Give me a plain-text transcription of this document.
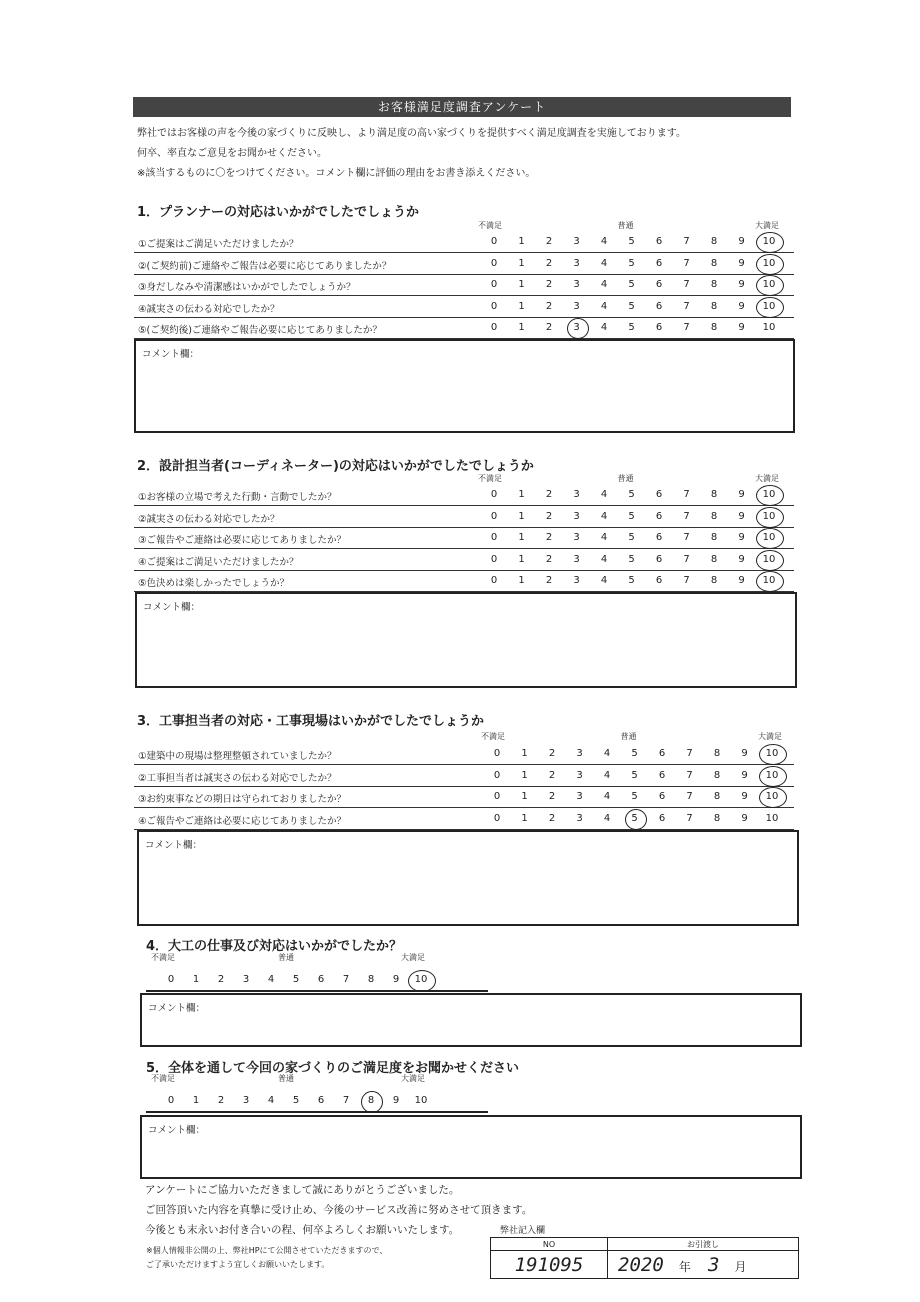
お客様満足度調査アンケート
弊社ではお客様の声を今後の家づくりに反映し、より満足度の高い家づくりを提供すべく満足度調査を実施しております。
何卒、率直なご意見をお聞かせください。
※該当するものに〇をつけてください。コメント欄に評価の理由をお書き添えください。
1．プランナーの対応はいかがでしたでしょうか
不満足	普通	大満足
①ご提案はご満足いただけましたか？	0	1	2	3	4	5	6	7	8	9	10
②(ご契約前)ご連絡やご報告は必要に応じてありましたか？	0	1	2	3	4	5	6	7	8	9	10
③身だしなみや清潔感はいかがでしたでしょうか？	0	1	2	3	4	5	6	7	8	9	10
④誠実さの伝わる対応でしたか？	0	1	2	3	4	5	6	7	8	9	10
⑤(ご契約後)ご連絡やご報告必要に応じてありましたか？	0	1	2	3	4	5	6	7	8	9	10
コメント欄：
2．設計担当者(コーディネーター)の対応はいかがでしたでしょうか
不満足	普通	大満足
①お客様の立場で考えた行動・言動でしたか？	0	1	2	3	4	5	6	7	8	9	10
②誠実さの伝わる対応でしたか？	0	1	2	3	4	5	6	7	8	9	10
③ご報告やご連絡は必要に応じてありましたか？	0	1	2	3	4	5	6	7	8	9	10
④ご提案はご満足いただけましたか？	0	1	2	3	4	5	6	7	8	9	10
⑤色決めは楽しかったでしょうか？	0	1	2	3	4	5	6	7	8	9	10
コメント欄：
3．工事担当者の対応・工事現場はいかがでしたでしょうか
不満足	普通	大満足
①建築中の現場は整理整頓されていましたか？	0	1	2	3	4	5	6	7	8	9	10
②工事担当者は誠実さの伝わる対応でしたか？	0	1	2	3	4	5	6	7	8	9	10
③お約束事などの期日は守られておりましたか？	0	1	2	3	4	5	6	7	8	9	10
④ご報告やご連絡は必要に応じてありましたか？	0	1	2	3	4	5	6	7	8	9	10
コメント欄：
4．大工の仕事及び対応はいかがでしたか？
不満足	普通	大満足
0	1	2	3	4	5	6	7	8	9	10
コメント欄：
5．全体を通して今回の家づくりのご満足度をお聞かせください
不満足	普通	大満足
0	1	2	3	4	5	6	7	8	9	10
コメント欄：
アンケートにご協力いただきまして誠にありがとうございました。
ご回答頂いた内容を真摯に受け止め、今後のサービス改善に努めさせて頂きます。
今後とも末永いお付き合いの程、何卒よろしくお願いいたします。
※個人情報非公開の上、弊社HPにて公開させていただきますので、
ご了承いただけますよう宜しくお願いいたします。
弊社記入欄
NO	お引渡し
191095	2020 年 3 月
